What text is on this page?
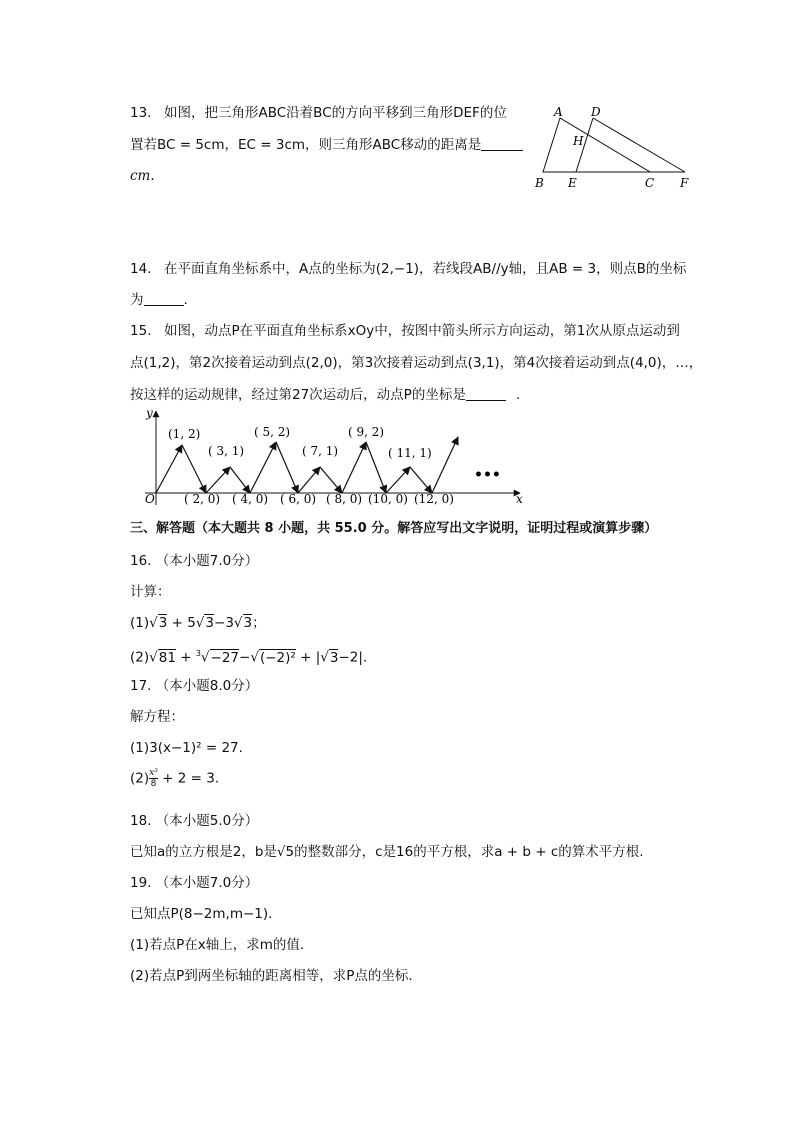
13. 如图，把三角形ABC沿着BC的方向平移到三角形DEF的位
置若BC = 5cm，EC = 3cm，则三角形ABC移动的距离是
cm.
A D
H
B E	C F
14. 在平面直角坐标系中，A点的坐标为(2,−1)，若线段AB//y轴，且AB = 3，则点B的坐标
为	.
15. 如图，动点P在平面直角坐标系xOy中，按图中箭头所示方向运动，第1次从原点运动到
点(1,2)，第2次接着运动到点(2,0)，第3次接着运动到点(3,1)，第4次接着运动到点(4,0)，…，
按这样的运动规律，经过第27次运动后，动点P的坐标是	.
y
x
O
(1, 2)
( 3, 1)
( 5, 2)
( 7, 1)
( 9, 2)
( 11, 1)
( 2, 0) ( 4, 0) ( 6, 0) ( 8, 0) (10, 0) (12, 0)
•••
三、解答题（本大题共 8 小题，共 55.0 分。解答应写出文字说明，证明过程或演算步骤）
16. （本小题7.0分）
计算：
(1)√3 + 5√3−3√3；
(2)√81 + $^3$√−27−√(−2)² + |√3−2|.
17. （本小题8.0分）
解方程：
(1)3(x−1)² = 27.
$(2) \frac{\text{x³}}{8} + 2 = 3$.
18. （本小题5.0分）
已知a的立方根是2，b是√5的整数部分，c是16的平方根，求a + b + c的算术平方根.
19. （本小题7.0分）
已知点P(8−2m,m−1).
(1)若点P在x轴上，求m的值.
(2)若点P到两坐标轴的距离相等，求P点的坐标.
